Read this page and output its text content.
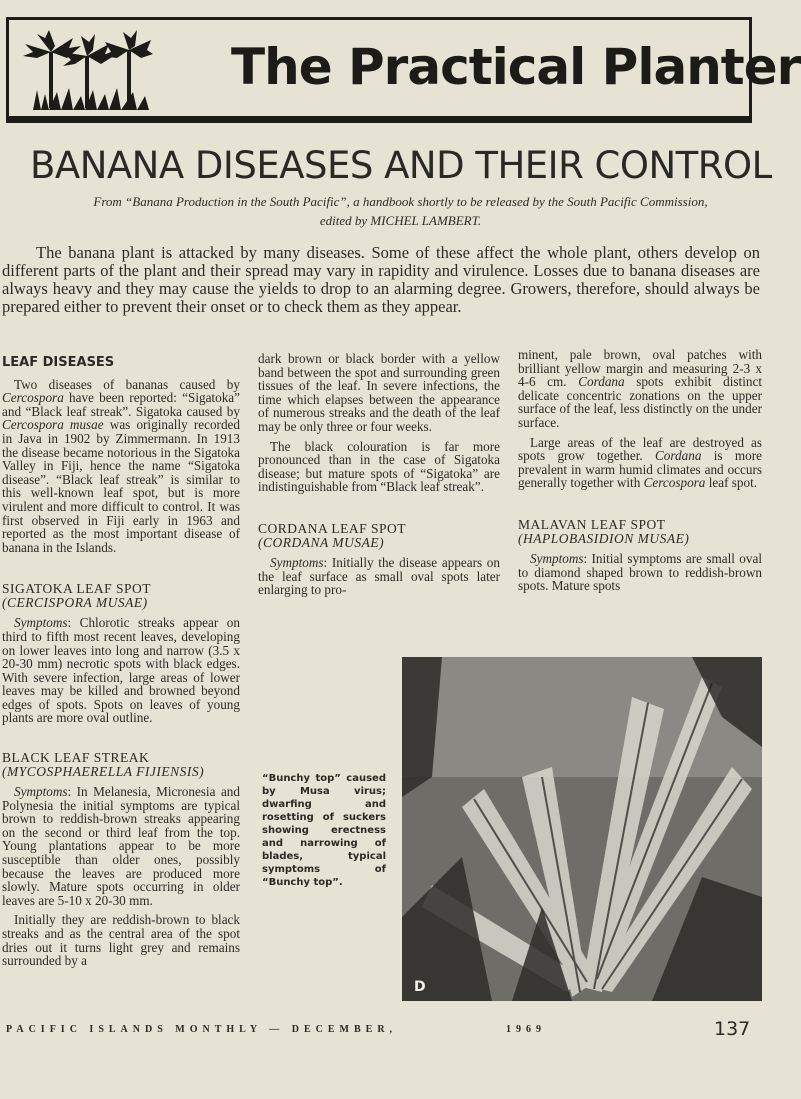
The Practical Planter
BANANA DISEASES AND THEIR CONTROL
From “Banana Production in the South Pacific”, a handbook shortly to be released by the South Pacific Commission,
edited by MICHEL LAMBERT.
The banana plant is attacked by many diseases. Some of these affect the whole plant, others develop on different parts of the plant and their spread may vary in rapidity and virulence. Losses due to banana diseases are always heavy and they may cause the yields to drop to an alarming degree. Growers, therefore, should always be prepared either to prevent their onset or to check them as they appear.
LEAF DISEASES

Two diseases of bananas caused by Cercospora have been reported: “Sigatoka” and “Black leaf streak”. Sigatoka caused by Cercospora musae was originally recorded in Java in 1902 by Zimmermann. In 1913 the disease became notorious in the Sigatoka Valley in Fiji, hence the name “Sigatoka disease”. “Black leaf streak” is similar to this well-known leaf spot, but is more virulent and more difficult to control. It was first observed in Fiji early in 1963 and reported as the most important disease of banana in the Islands.

SIGATOKA LEAF SPOT
(CERCISPORA MUSAE)

Symptoms: Chlorotic streaks appear on third to fifth most recent leaves, developing on lower leaves into long and narrow (3.5 x 20-30 mm) necrotic spots with black edges. With severe infection, large areas of lower leaves may be killed and browned beyond edges of spots. Spots on leaves of young plants are more oval outline.

BLACK LEAF STREAK
(MYCOSPHAERELLA FIJIENSIS)

Symptoms: In Melanesia, Micronesia and Polynesia the initial symptoms are typical brown to reddish-brown streaks appearing on the second or third leaf from the top. Young plantations appear to be more susceptible than older ones, possibly because the leaves are produced more slowly. Mature spots occurring in older leaves are 5-10 x 20-30 mm.

Initially they are reddish-brown to black streaks and as the central area of the spot dries out it turns light grey and remains surrounded by a

dark brown or black border with a yellow band between the spot and surrounding green tissues of the leaf. In severe infections, the time which elapses between the appearance of numerous streaks and the death of the leaf may be only three or four weeks.

The black colouration is far more pronounced than in the case of Sigatoka disease; but mature spots of “Sigatoka” are indistinguishable from “Black leaf streak”.

CORDANA LEAF SPOT
(CORDANA MUSAE)

Symptoms: Initially the disease appears on the leaf surface as small oval spots later enlarging to pro-

minent, pale brown, oval patches with brilliant yellow margin and measuring 2-3 x 4-6 cm. Cordana spots exhibit distinct delicate concentric zonations on the upper surface of the leaf, less distinctly on the under surface.

Large areas of the leaf are destroyed as spots grow together. Cordana is more prevalent in warm humid climates and occurs generally together with Cercospora leaf spot.

MALAVAN LEAF SPOT
(HAPLOBASIDION MUSAE)

Symptoms: Initial symptoms are small oval to diamond shaped brown to reddish-brown spots. Mature spots

“Bunchy top” caused by Musa virus; dwarfing and rosetting of suckers showing erectness and narrowing of blades, typical symptoms of “Bunchy top”.
D
PACIFIC ISLANDS MONTHLY — DECEMBER,	1969	137
